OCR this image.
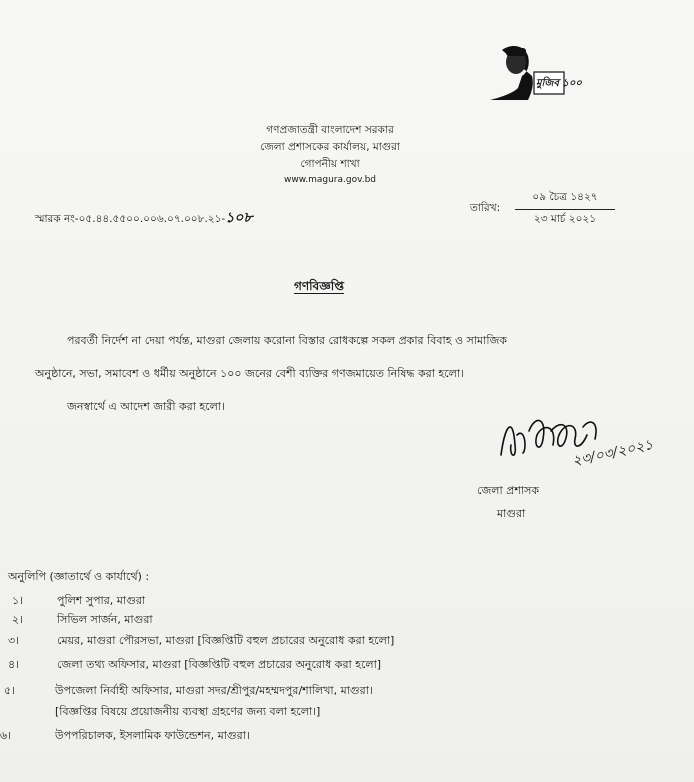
মুজিব ১০০
গণপ্রজাতন্ত্রী বাংলাদেশ সরকার
জেলা প্রশাসকের কার্যালয়, মাগুরা
গোপনীয় শাখা
www.magura.gov.bd
স্মারক নং-০৫.৪৪.৫৫০০.০০৬.০৭.০০৮.২১-১০৮
তারিখ:
০৯ চৈত্র ১৪২৭
২৩ মার্চ ২০২১
গণবিজ্ঞপ্তি
পরবর্তী নির্দেশ না দেয়া পর্যন্ত, মাগুরা জেলায় করোনা বিস্তার রোধকল্পে সকল প্রকার বিবাহ ও সামাজিক
অনুষ্ঠানে, সভা, সমাবেশ ও ধর্মীয় অনুষ্ঠানে ১০০ জনের বেশী ব্যক্তির গণজমায়েত নিষিদ্ধ করা হলো।
জনস্বার্থে এ আদেশ জারী করা হলো।
২৩/০৩/২০২১
জেলা প্রশাসক
মাগুরা
অনুলিপি (জ্ঞাতার্থে ও কার্যার্থে) :
১।	পুলিশ সুপার, মাগুরা
২।	সিভিল সার্জন, মাগুরা
৩।	মেয়র, মাগুরা পৌরসভা, মাগুরা [বিজ্ঞপ্তিটি বহুল প্রচারের অনুরোধ করা হলো]
৪।	জেলা তথ্য অফিসার, মাগুরা [বিজ্ঞপ্তিটি বহুল প্রচারের অনুরোধ করা হলো]
৫।	উপজেলা নির্বাহী অফিসার, মাগুরা সদর/শ্রীপুর/মহম্মদপুর/শালিখা, মাগুরা।
[বিজ্ঞপ্তির বিষয়ে প্রয়োজনীয় ব্যবস্থা গ্রহণের জন্য বলা হলো।]
৬।	উপপরিচালক, ইসলামিক ফাউন্ডেশন, মাগুরা।
